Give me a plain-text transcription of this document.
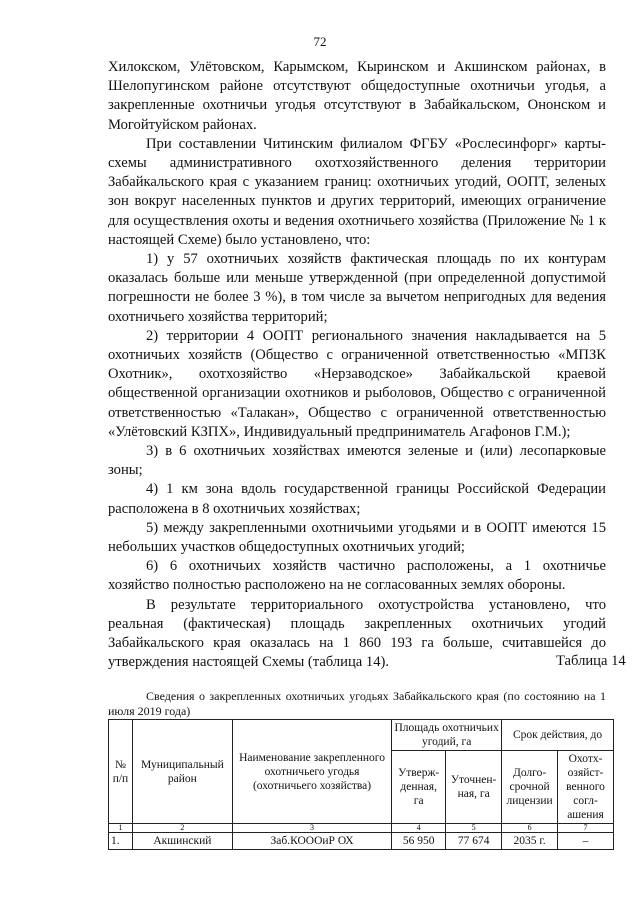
72

Хилокском, Улётовском, Карымском, Кыринском и Акшинском районах, в Шелопугинском районе отсутствуют общедоступные охотничьи угодья, а закрепленные охотничьи угодья отсутствуют в Забайкальском, Ононском и Могойтуйском районах.

При составлении Читинским филиалом ФГБУ «Рослесинфорг» карты-схемы административного охотхозяйственного деления территории Забайкальского края с указанием границ: охотничьих угодий, ООПТ, зеленых зон вокруг населенных пунктов и других территорий, имеющих ограничение для осуществления охоты и ведения охотничьего хозяйства (Приложение № 1 к настоящей Схеме) было установлено, что:

1) у 57 охотничьих хозяйств фактическая площадь по их контурам оказалась больше или меньше утвержденной (при определенной допустимой погрешности не более 3 %), в том числе за вычетом непригодных для ведения охотничьего хозяйства территорий;

2) территории 4 ООПТ регионального значения накладывается на 5 охотничьих хозяйств (Общество с ограниченной ответственностью «МПЗК Охотник», охотхозяйство «Нерзаводское» Забайкальской краевой общественной организации охотников и рыболовов, Общество с ограниченной ответственностью «Талакан», Общество с ограниченной ответственностью «Улётовский КЗПХ», Индивидуальный предприниматель Агафонов Г.М.);

3) в 6 охотничьих хозяйствах имеются зеленые и (или) лесопарковые зоны;

4) 1 км зона вдоль государственной границы Российской Федерации расположена в 8 охотничьих хозяйствах;

5) между закрепленными охотничьими угодьями и в ООПТ имеются 15 небольших участков общедоступных охотничьих угодий;

6) 6 охотничьих хозяйств частично расположены, а 1 охотничье хозяйство полностью расположено на не согласованных землях обороны.

В результате территориального охотустройства установлено, что реальная (фактическая) площадь закрепленных охотничьих угодий Забайкальского края оказалась на 1 860 193 га больше, считавшейся до утверждения настоящей Схемы (таблица 14).	Таблица 14
Сведения о закрепленных охотничьих угодьях Забайкальского края (по состоянию на 1 июля 2019 года)
№ п/п	Муниципальный район	Наименование закрепленного охотничьего угодья (охотничьего хозяйства)	Площадь охотничьих угодий, га		Срок действия, до	
			Утверж-денная, га	Уточнен-ная, га	Долго-срочной лицензии	Охотх-озяйст-венного согл-ашения
1	2	3	4	5	6	7
1.	Акшинский	Заб.КОООиР ОХ	56 950	77 674	2035 г.	–
